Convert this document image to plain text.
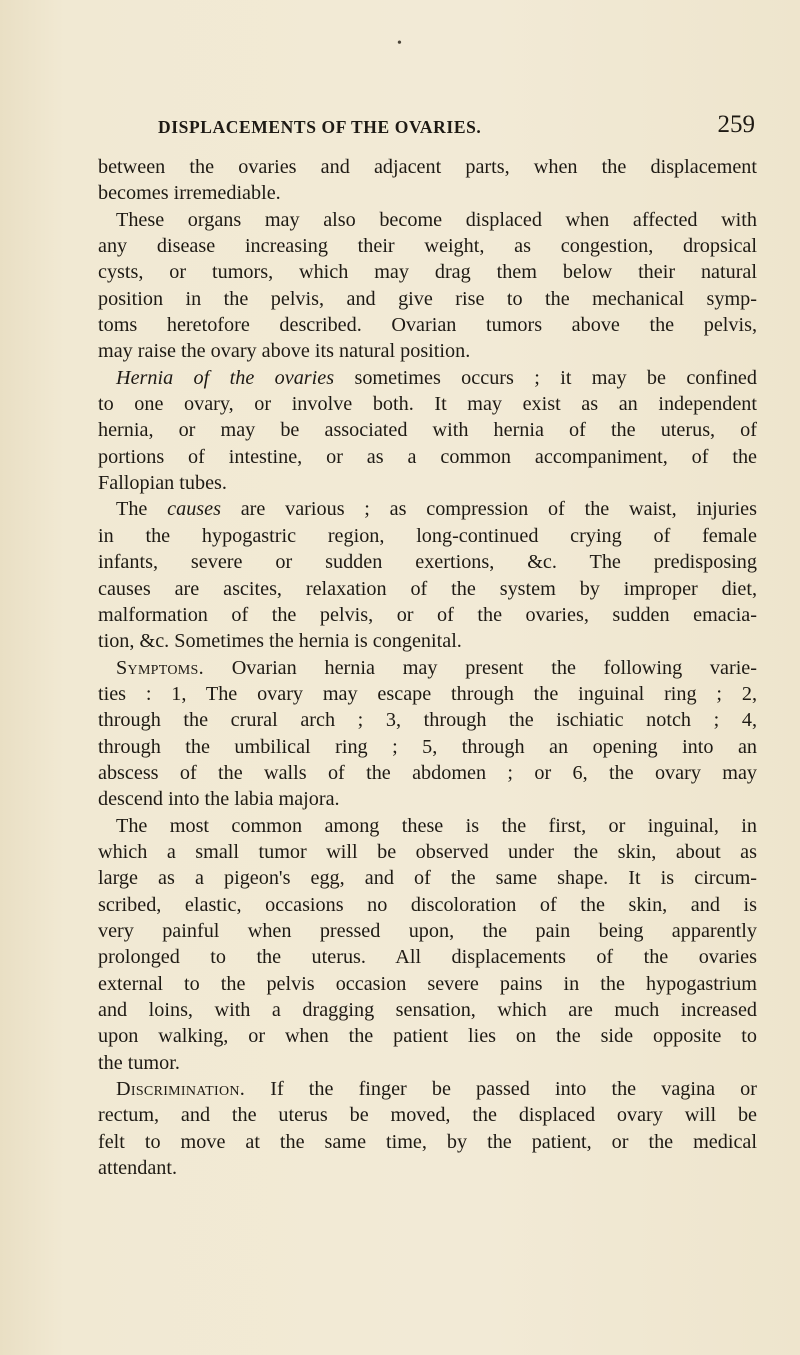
•
DISPLACEMENTS OF THE OVARIES.	259
between the ovaries and adjacent parts, when the displacement
becomes irremediable.
These organs may also become displaced when affected with
any disease increasing their weight, as congestion, dropsical
cysts, or tumors, which may drag them below their natural
position in the pelvis, and give rise to the mechanical symp-
toms heretofore described. Ovarian tumors above the pelvis,
may raise the ovary above its natural position.
Hernia of the ovaries sometimes occurs ; it may be confined
to one ovary, or involve both. It may exist as an independent
hernia, or may be associated with hernia of the uterus, of
portions of intestine, or as a common accompaniment, of the
Fallopian tubes.
The causes are various ; as compression of the waist, injuries
in the hypogastric region, long-continued crying of female
infants, severe or sudden exertions, &c. The predisposing
causes are ascites, relaxation of the system by improper diet,
malformation of the pelvis, or of the ovaries, sudden emacia-
tion, &c. Sometimes the hernia is congenital.
Symptoms. Ovarian hernia may present the following varie-
ties : 1, The ovary may escape through the inguinal ring ; 2,
through the crural arch ; 3, through the ischiatic notch ; 4,
through the umbilical ring ; 5, through an opening into an
abscess of the walls of the abdomen ; or 6, the ovary may
descend into the labia majora.
The most common among these is the first, or inguinal, in
which a small tumor will be observed under the skin, about as
large as a pigeon's egg, and of the same shape. It is circum-
scribed, elastic, occasions no discoloration of the skin, and is
very painful when pressed upon, the pain being apparently
prolonged to the uterus. All displacements of the ovaries
external to the pelvis occasion severe pains in the hypogastrium
and loins, with a dragging sensation, which are much increased
upon walking, or when the patient lies on the side opposite to
the tumor.
Discrimination. If the finger be passed into the vagina or
rectum, and the uterus be moved, the displaced ovary will be
felt to move at the same time, by the patient, or the medical
attendant.
